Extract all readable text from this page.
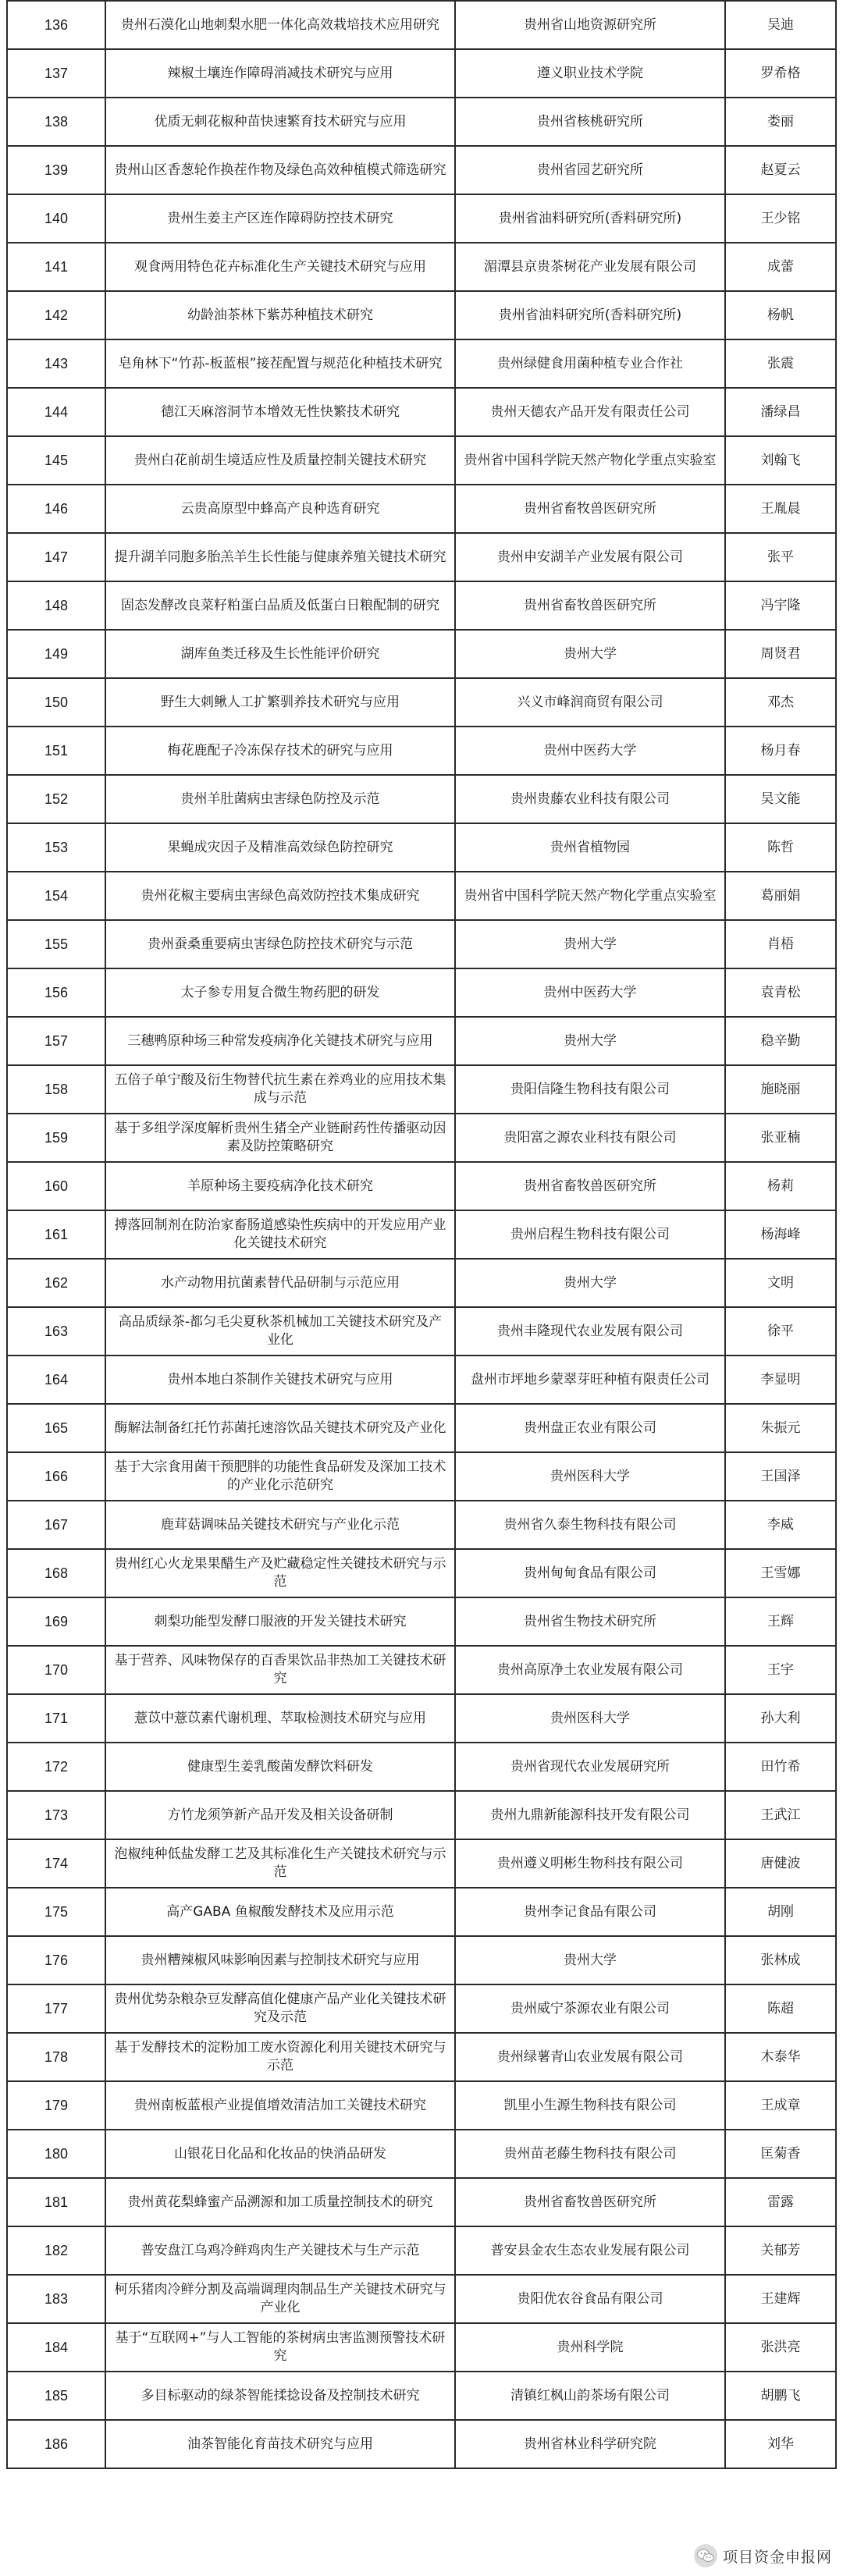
136	贵州石漠化山地刺梨水肥一体化高效栽培技术应用研究	贵州省山地资源研究所	吴迪
137	辣椒土壤连作障碍消减技术研究与应用	遵义职业技术学院	罗希格
138	优质无刺花椒种苗快速繁育技术研究与应用	贵州省核桃研究所	娄丽
139	贵州山区香葱轮作换茬作物及绿色高效种植模式筛选研究	贵州省园艺研究所	赵夏云
140	贵州生姜主产区连作障碍防控技术研究	贵州省油料研究所(香料研究所)	王少铭
141	观食两用特色花卉标准化生产关键技术研究与应用	湄潭县京贵茶树花产业发展有限公司	成蕾
142	幼龄油茶林下紫苏种植技术研究	贵州省油料研究所(香料研究所)	杨帆
143	皂角林下“竹荪-板蓝根”接茬配置与规范化种植技术研究	贵州绿健食用菌种植专业合作社	张震
144	德江天麻溶洞节本增效无性快繁技术研究	贵州天德农产品开发有限责任公司	潘绿昌
145	贵州白花前胡生境适应性及质量控制关键技术研究	贵州省中国科学院天然产物化学重点实验室	刘翰飞
146	云贵高原型中蜂高产良种选育研究	贵州省畜牧兽医研究所	王胤晨
147	提升湖羊同胞多胎羔羊生长性能与健康养殖关键技术研究	贵州申安湖羊产业发展有限公司	张平
148	固态发酵改良菜籽粕蛋白品质及低蛋白日粮配制的研究	贵州省畜牧兽医研究所	冯宇隆
149	湖库鱼类迁移及生长性能评价研究	贵州大学	周贤君
150	野生大刺鳅人工扩繁驯养技术研究与应用	兴义市峰润商贸有限公司	邓杰
151	梅花鹿配子冷冻保存技术的研究与应用	贵州中医药大学	杨月春
152	贵州羊肚菌病虫害绿色防控及示范	贵州贵藤农业科技有限公司	吴文能
153	果蝇成灾因子及精准高效绿色防控研究	贵州省植物园	陈哲
154	贵州花椒主要病虫害绿色高效防控技术集成研究	贵州省中国科学院天然产物化学重点实验室	葛丽娟
155	贵州蚕桑重要病虫害绿色防控技术研究与示范	贵州大学	肖梧
156	太子参专用复合微生物药肥的研发	贵州中医药大学	袁青松
157	三穗鸭原种场三种常发疫病净化关键技术研究与应用	贵州大学	稳辛勤
158	五倍子单宁酸及衍生物替代抗生素在养鸡业的应用技术集成与示范	贵阳信隆生物科技有限公司	施晓丽
159	基于多组学深度解析贵州生猪全产业链耐药性传播驱动因素及防控策略研究	贵阳富之源农业科技有限公司	张亚楠
160	羊原种场主要疫病净化技术研究	贵州省畜牧兽医研究所	杨莉
161	搏落回制剂在防治家畜肠道感染性疾病中的开发应用产业化关键技术研究	贵州启程生物科技有限公司	杨海峰
162	水产动物用抗菌素替代品研制与示范应用	贵州大学	文明
163	高品质绿茶-都匀毛尖夏秋茶机械加工关键技术研究及产业化	贵州丰隆现代农业发展有限公司	徐平
164	贵州本地白茶制作关键技术研究与应用	盘州市坪地乡蒙翠芽旺种植有限责任公司	李显明
165	酶解法制备红托竹荪菌托速溶饮品关键技术研究及产业化	贵州盘正农业有限公司	朱振元
166	基于大宗食用菌干预肥胖的功能性食品研发及深加工技术的产业化示范研究	贵州医科大学	王国泽
167	鹿茸菇调味品关键技术研究与产业化示范	贵州省久泰生物科技有限公司	李威
168	贵州红心火龙果果醋生产及贮藏稳定性关键技术研究与示范	贵州甸甸食品有限公司	王雪娜
169	刺梨功能型发酵口服液的开发关键技术研究	贵州省生物技术研究所	王辉
170	基于营养、风味物保存的百香果饮品非热加工关键技术研究	贵州高原净土农业发展有限公司	王宇
171	薏苡中薏苡素代谢机理、萃取检测技术研究与应用	贵州医科大学	孙大利
172	健康型生姜乳酸菌发酵饮料研发	贵州省现代农业发展研究所	田竹希
173	方竹龙须笋新产品开发及相关设备研制	贵州九鼎新能源科技开发有限公司	王武江
174	泡椒纯种低盐发酵工艺及其标准化生产关键技术研究与示范	贵州遵义明彬生物科技有限公司	唐健波
175	高产GABA 鱼椒酸发酵技术及应用示范	贵州李记食品有限公司	胡刚
176	贵州糟辣椒风味影响因素与控制技术研究与应用	贵州大学	张林成
177	贵州优势杂粮杂豆发酵高值化健康产品产业化关键技术研究及示范	贵州威宁茶源农业有限公司	陈超
178	基于发酵技术的淀粉加工废水资源化利用关键技术研究与示范	贵州绿薯青山农业发展有限公司	木泰华
179	贵州南板蓝根产业提值增效清洁加工关键技术研究	凯里小生源生物科技有限公司	王成章
180	山银花日化品和化妆品的快消品研发	贵州苗老藤生物科技有限公司	匡菊香
181	贵州黄花梨蜂蜜产品溯源和加工质量控制技术的研究	贵州省畜牧兽医研究所	雷露
182	普安盘江乌鸡冷鲜鸡肉生产关键技术与生产示范	普安县金农生态农业发展有限公司	关郁芳
183	柯乐猪肉冷鲜分割及高端调理肉制品生产关键技术研究与产业化	贵阳优农谷食品有限公司	王建辉
184	基于“互联网+”与人工智能的茶树病虫害监测预警技术研究	贵州科学院	张洪亮
185	多目标驱动的绿茶智能揉捻设备及控制技术研究	清镇红枫山韵茶场有限公司	胡鹏飞
186	油茶智能化育苗技术研究与应用	贵州省林业科学研究院	刘华
项目资金申报网
